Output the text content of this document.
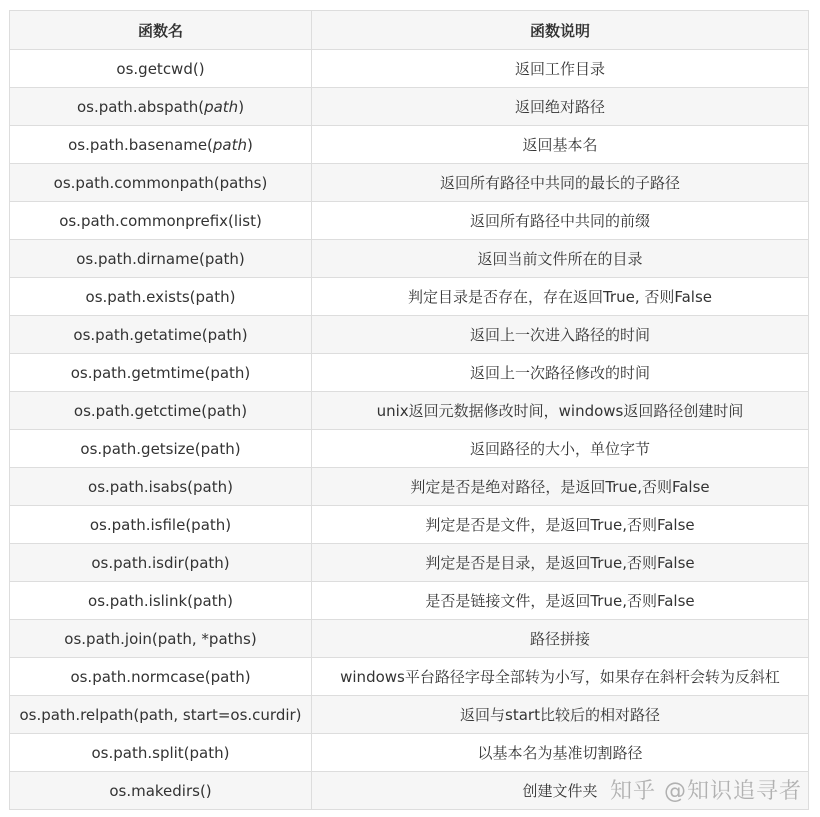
函数名	函数说明
os.getcwd()	返回工作目录
os.path.abspath(path)	返回绝对路径
os.path.basename(path)	返回基本名
os.path.commonpath(paths)	返回所有路径中共同的最长的子路径
os.path.commonprefix(list)	返回所有路径中共同的前缀
os.path.dirname(path)	返回当前文件所在的目录
os.path.exists(path)	判定目录是否存在，存在返回True, 否则False
os.path.getatime(path)	返回上一次进入路径的时间
os.path.getmtime(path)	返回上一次路径修改的时间
os.path.getctime(path)	unix返回元数据修改时间，windows返回路径创建时间
os.path.getsize(path)	返回路径的大小，单位字节
os.path.isabs(path)	判定是否是绝对路径，是返回True,否则False
os.path.isfile(path)	判定是否是文件，是返回True,否则False
os.path.isdir(path)	判定是否是目录，是返回True,否则False
os.path.islink(path)	是否是链接文件，是返回True,否则False
os.path.join(path, *paths)	路径拼接
os.path.normcase(path)	windows平台路径字母全部转为小写，如果存在斜杆会转为反斜杠
os.path.relpath(path, start=os.curdir)	返回与start比较后的相对路径
os.path.split(path)	以基本名为基准切割路径
os.makedirs()	创建文件夹 知乎 @知识追寻者
